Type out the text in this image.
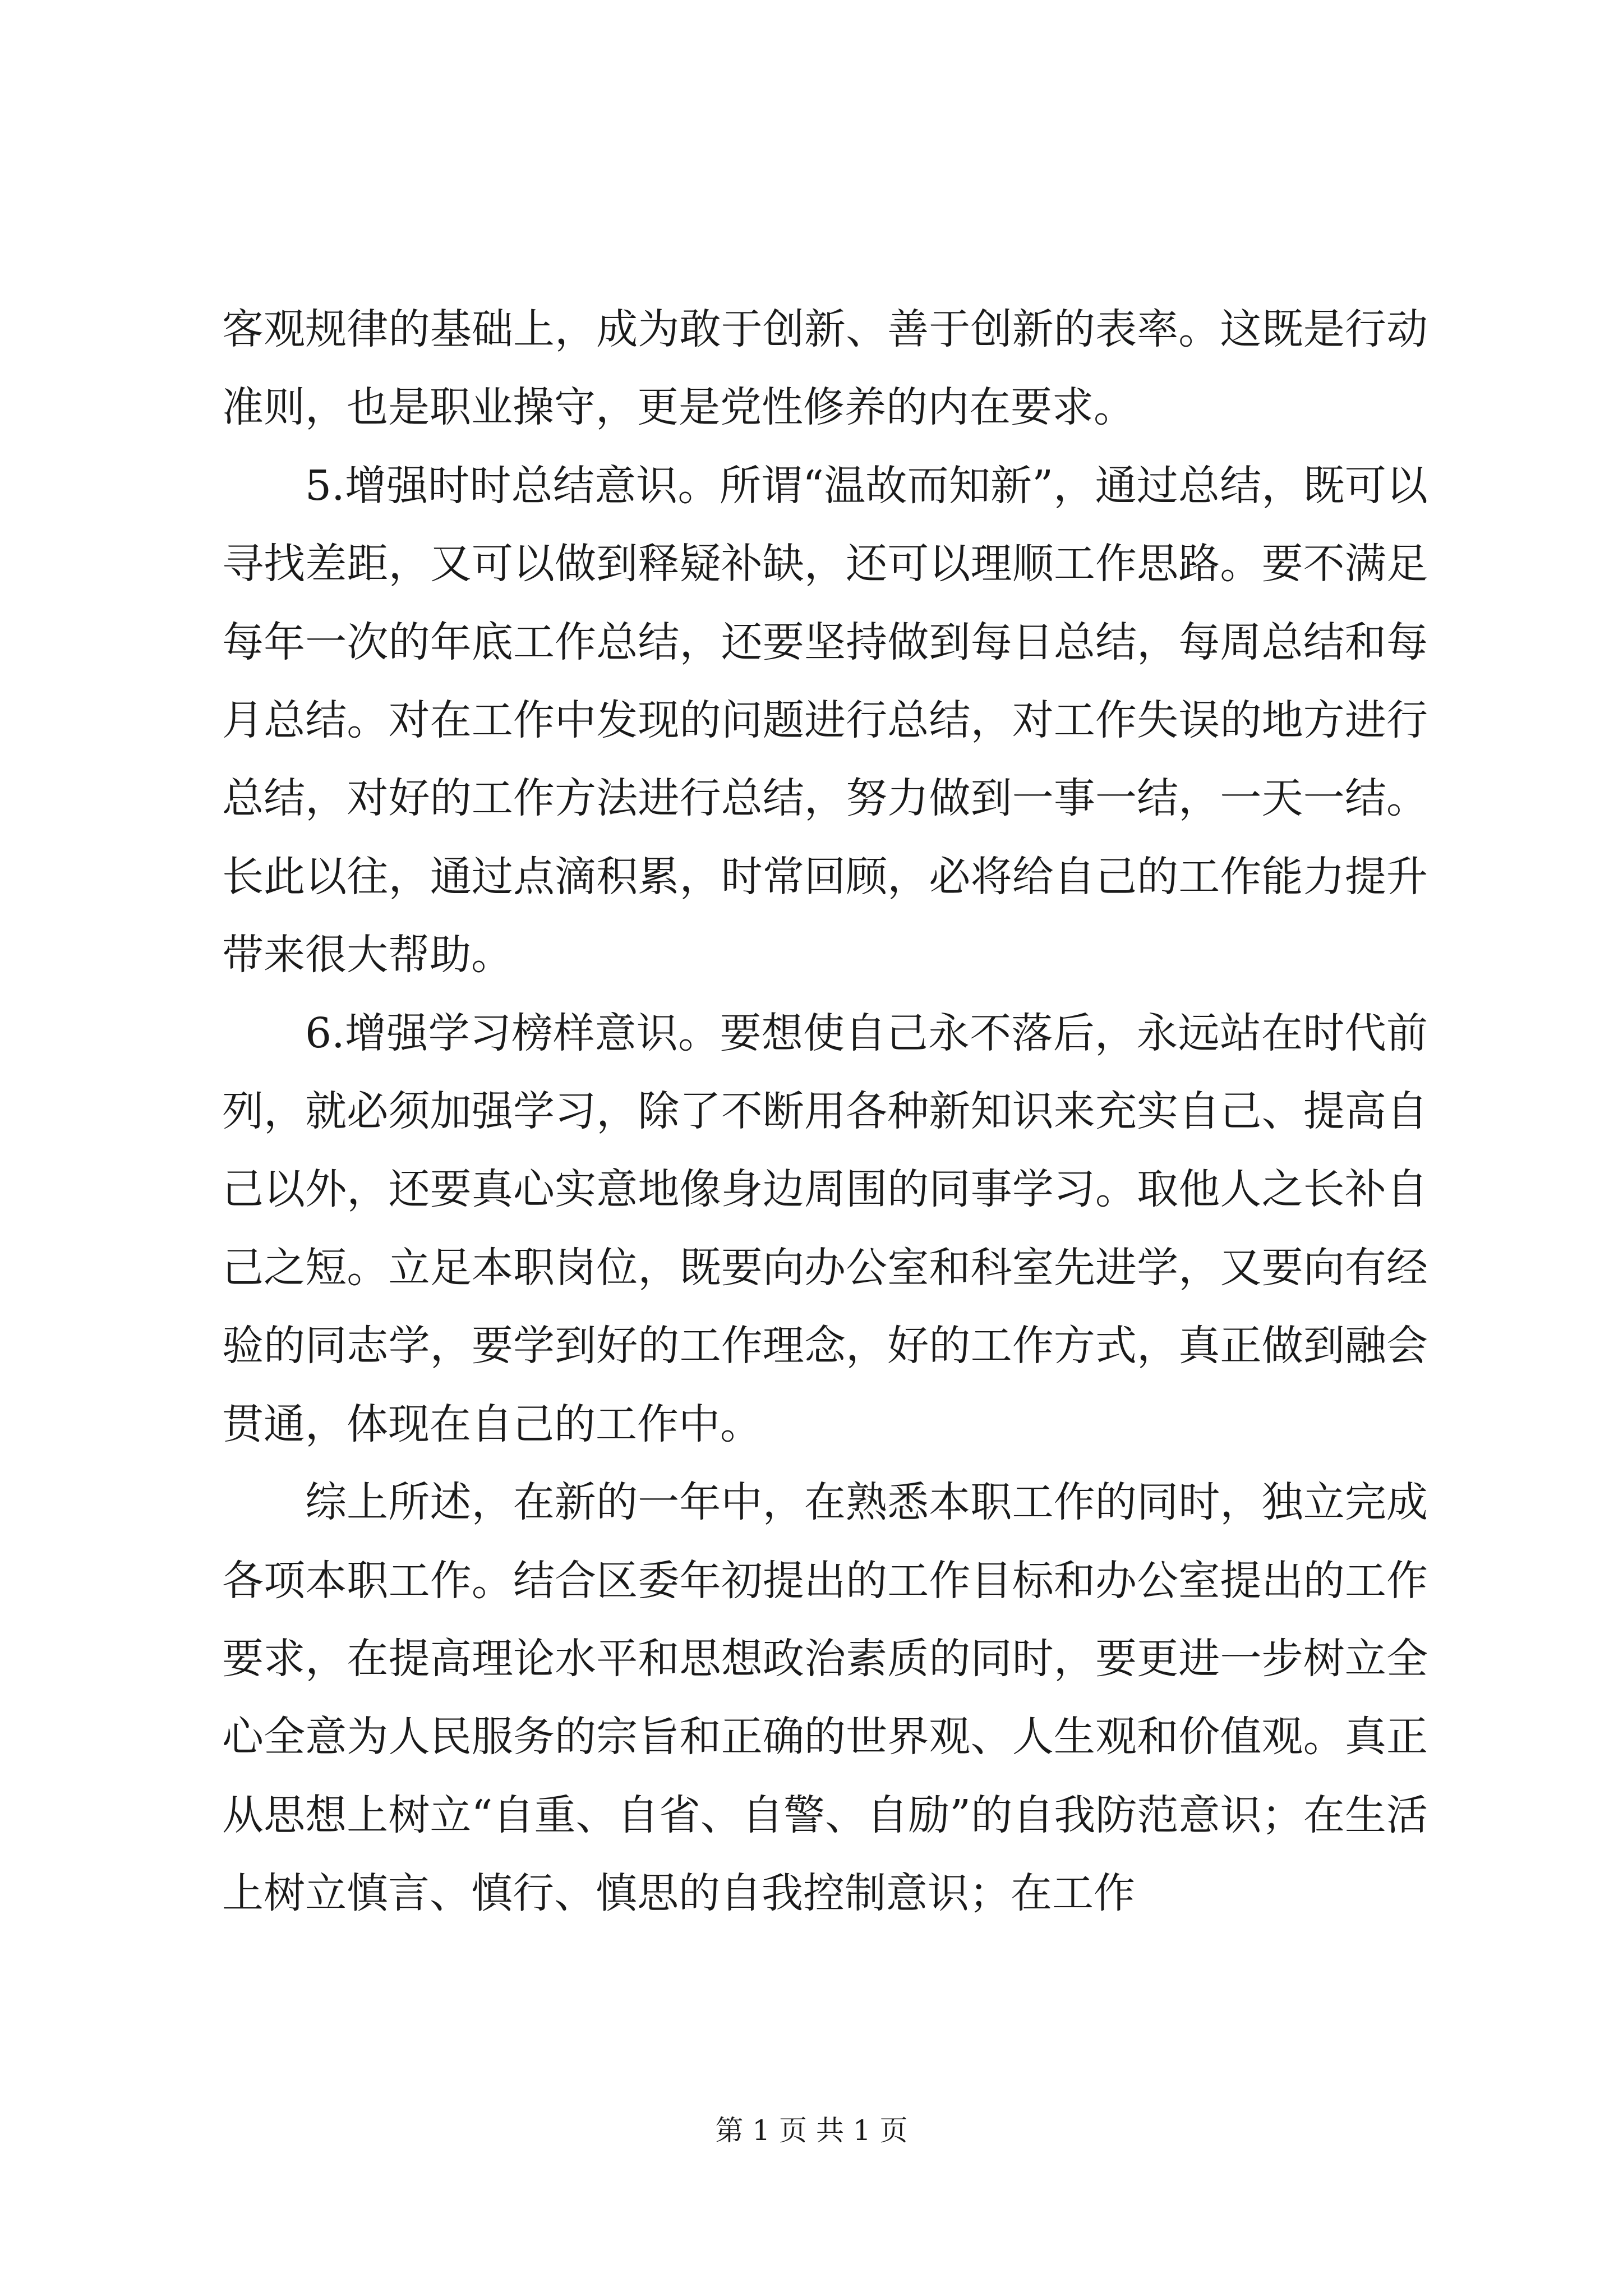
客观规律的基础上，成为敢于创新、善于创新的表率。这既是行动准则，也是职业操守，更是党性修养的内在要求。

5.增强时时总结意识。所谓“温故而知新”，通过总结，既可以寻找差距，又可以做到释疑补缺，还可以理顺工作思路。要不满足每年一次的年底工作总结，还要坚持做到每日总结，每周总结和每月总结。对在工作中发现的问题进行总结，对工作失误的地方进行总结，对好的工作方法进行总结，努力做到一事一结，一天一结。长此以往，通过点滴积累，时常回顾，必将给自己的工作能力提升带来很大帮助。

6.增强学习榜样意识。要想使自己永不落后，永远站在时代前列，就必须加强学习，除了不断用各种新知识来充实自己、提高自己以外，还要真心实意地像身边周围的同事学习。取他人之长补自己之短。立足本职岗位，既要向办公室和科室先进学，又要向有经验的同志学，要学到好的工作理念，好的工作方式，真正做到融会贯通，体现在自己的工作中。

综上所述，在新的一年中，在熟悉本职工作的同时，独立完成各项本职工作。结合区委年初提出的工作目标和办公室提出的工作要求，在提高理论水平和思想政治素质的同时，要更进一步树立全心全意为人民服务的宗旨和正确的世界观、人生观和价值观。真正从思想上树立“自重、自省、自警、自励”的自我防范意识；在生活上树立慎言、慎行、慎思的自我控制意识；在工作

第 1 页 共 1 页
